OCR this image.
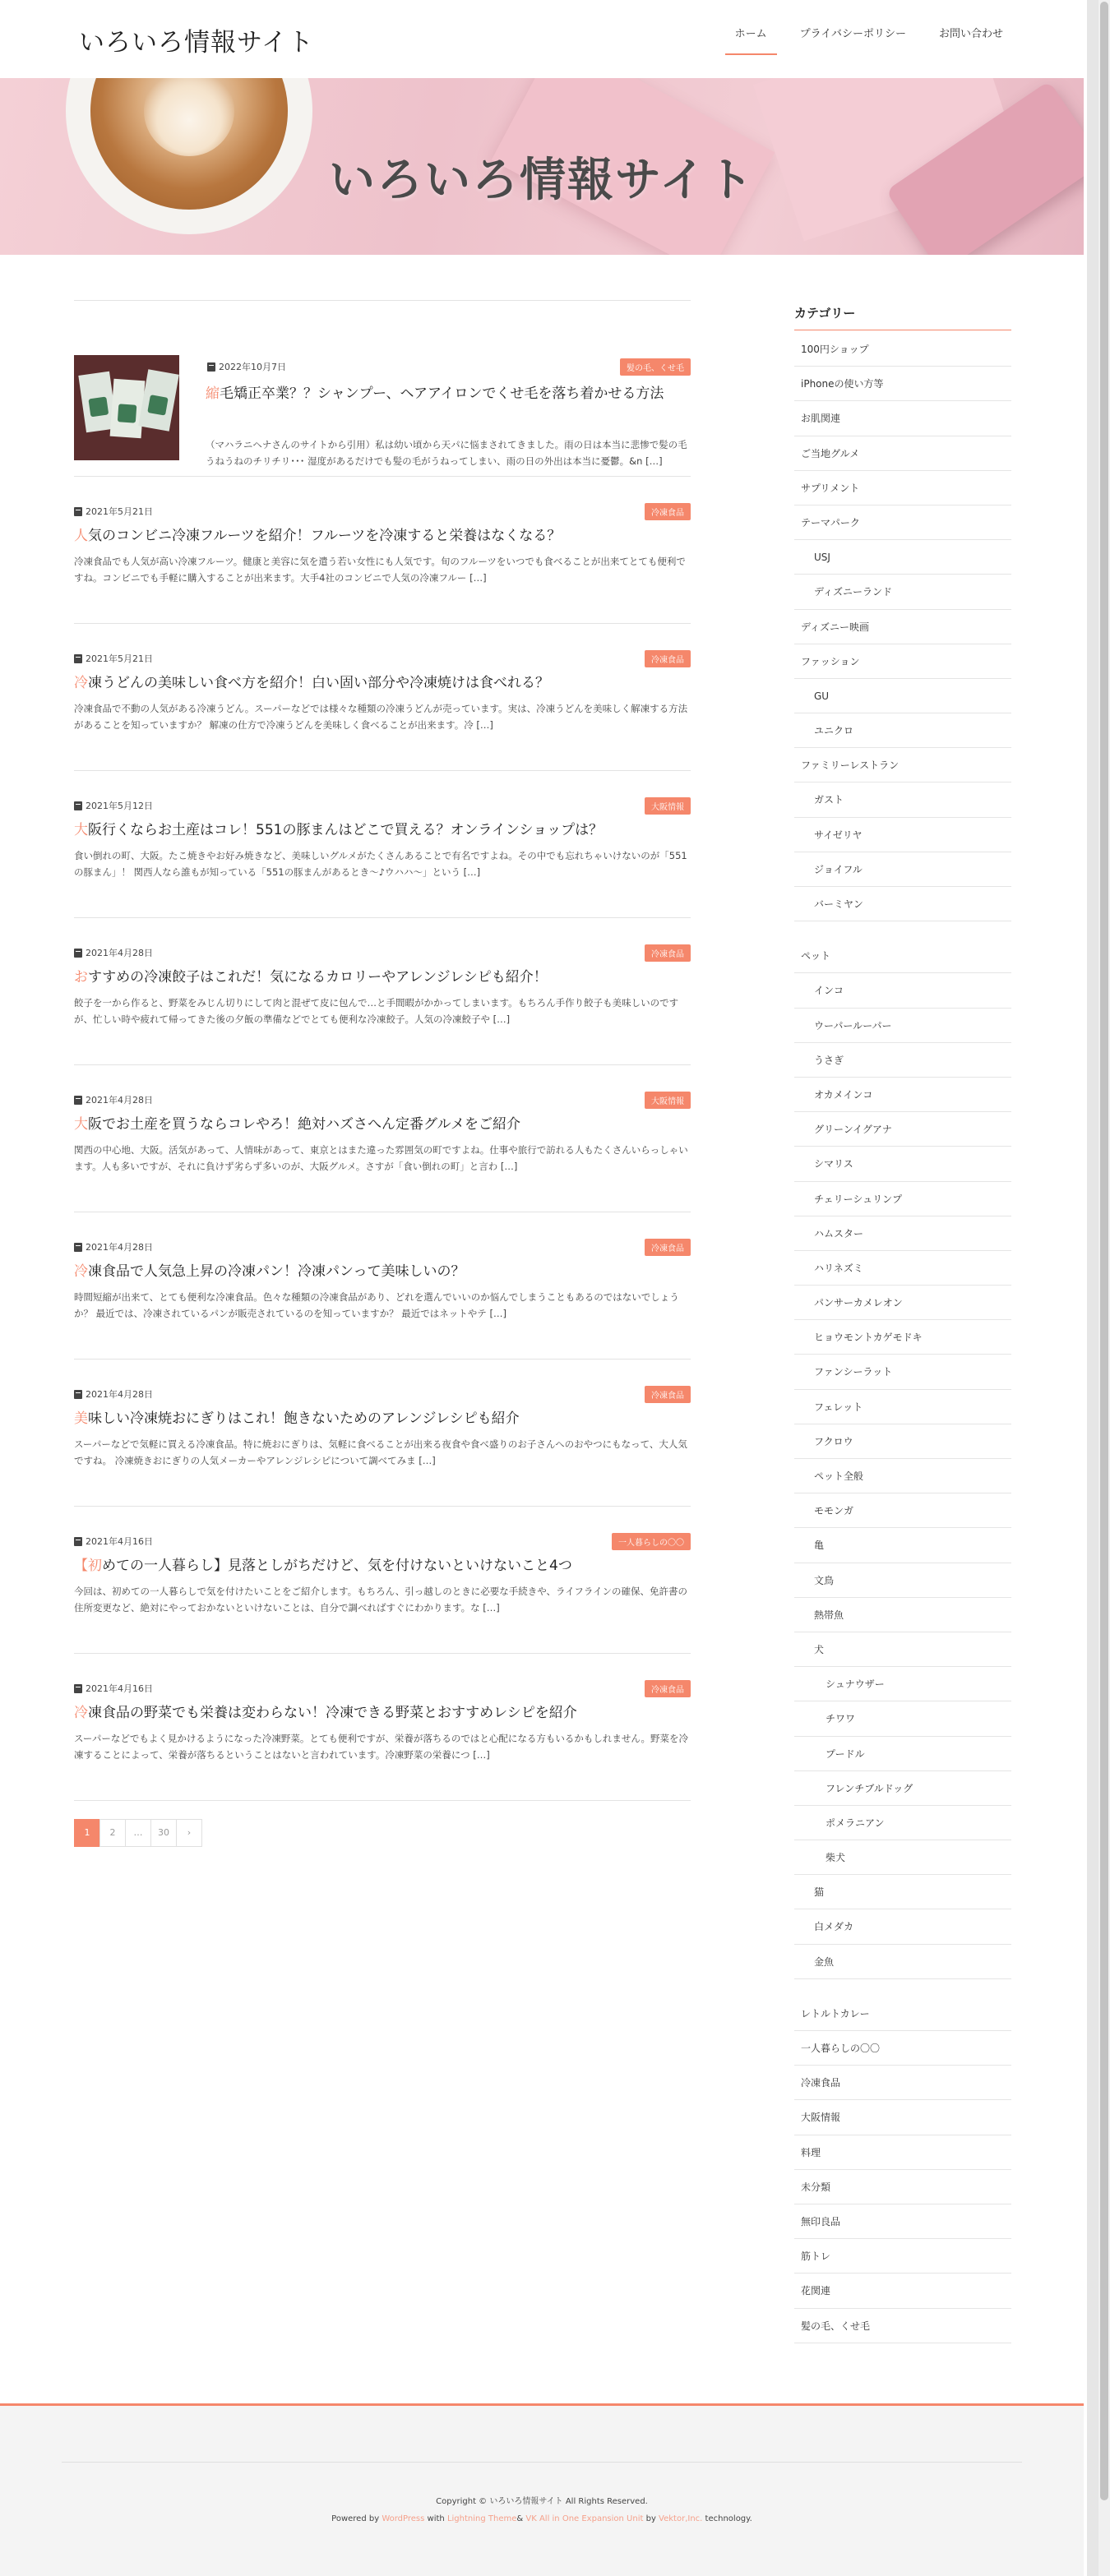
いろいろ情報サイト	ホーム	プライバシーポリシー	お問い合わせ
いろいろ情報サイト
2022年10月7日	髪の毛、くせ毛
縮毛矯正卒業？？シャンプー、ヘアアイロンでくせ毛を落ち着かせる方法

（マハラニヘナさんのサイトから引用）私は幼い頃から天パに悩まされてきました。雨の日は本当に悲惨で髪の毛うねうねのチリチリ･･･ 湿度があるだけでも髪の毛がうねってしまい、雨の日の外出は本当に憂鬱。&n […]

2021年5月21日	冷凍食品
人気のコンビニ冷凍フルーツを紹介！フルーツを冷凍すると栄養はなくなる？

冷凍食品でも人気が高い冷凍フルーツ。健康と美容に気を遣う若い女性にも人気です。旬のフルーツをいつでも食べることが出来てとても便利ですね。コンビニでも手軽に購入することが出来ます。大手4社のコンビニで人気の冷凍フルー […]

2021年5月21日	冷凍食品
冷凍うどんの美味しい食べ方を紹介！白い固い部分や冷凍焼けは食べれる？

冷凍食品で不動の人気がある冷凍うどん。スーパーなどでは様々な種類の冷凍うどんが売っています。実は、冷凍うどんを美味しく解凍する方法があることを知っていますか？ 解凍の仕方で冷凍うどんを美味しく食べることが出来ます。冷 […]

2021年5月12日	大阪情報
大阪行くならお土産はコレ！551の豚まんはどこで買える？オンラインショップは？

食い倒れの町、大阪。たこ焼きやお好み焼きなど、美味しいグルメがたくさんあることで有名ですよね。その中でも忘れちゃいけないのが「551の豚まん」！ 関西人なら誰もが知っている「551の豚まんがあるとき～♪ウハハ～」という […]

2021年4月28日	冷凍食品
おすすめの冷凍餃子はこれだ！気になるカロリーやアレンジレシピも紹介！

餃子を一から作ると、野菜をみじん切りにして肉と混ぜて皮に包んで…と手間暇がかかってしまいます。もちろん手作り餃子も美味しいのですが、忙しい時や疲れて帰ってきた後の夕飯の準備などでとても便利な冷凍餃子。人気の冷凍餃子や […]

2021年4月28日	大阪情報
大阪でお土産を買うならコレやろ！絶対ハズさへん定番グルメをご紹介

関西の中心地、大阪。活気があって、人情味があって、東京とはまた違った雰囲気の町ですよね。仕事や旅行で訪れる人もたくさんいらっしゃいます。人も多いですが、それに負けず劣らず多いのが、大阪グルメ。さすが「食い倒れの町」と言わ […]

2021年4月28日	冷凍食品
冷凍食品で人気急上昇の冷凍パン！冷凍パンって美味しいの？

時間短縮が出来て、とても便利な冷凍食品。色々な種類の冷凍食品があり、どれを選んでいいのか悩んでしまうこともあるのではないでしょうか？ 最近では、冷凍されているパンが販売されているのを知っていますか？ 最近ではネットやテ […]

2021年4月28日	冷凍食品
美味しい冷凍焼おにぎりはこれ！飽きないためのアレンジレシピも紹介

スーパーなどで気軽に買える冷凍食品。特に焼おにぎりは、気軽に食べることが出来る夜食や食べ盛りのお子さんへのおやつにもなって、大人気ですね。 冷凍焼きおにぎりの人気メーカーやアレンジレシピについて調べてみま […]

2021年4月16日	一人暮らしの〇〇
【初めての一人暮らし】見落としがちだけど、気を付けないといけないこと4つ

今回は、初めての一人暮らしで気を付けたいことをご紹介します。もちろん、引っ越しのときに必要な手続きや、ライフラインの確保、免許書の住所変更など、絶対にやっておかないといけないことは、自分で調べればすぐにわかります。な […]

2021年4月16日	冷凍食品
冷凍食品の野菜でも栄養は変わらない！冷凍できる野菜とおすすめレシピを紹介

スーパーなどでもよく見かけるようになった冷凍野菜。とても便利ですが、栄養が落ちるのではと心配になる方もいるかもしれません。野菜を冷凍することによって、栄養が落ちるということはないと言われています。冷凍野菜の栄養につ […]

1	2	…	30	›
カテゴリー
100円ショップ
iPhoneの使い方等
お肌関連
ご当地グルメ
サプリメント
テーマパーク
USJ
ディズニーランド
ディズニー映画
ファッション
GU
ユニクロ
ファミリーレストラン
ガスト
サイゼリヤ
ジョイフル
バーミヤン
ペット
インコ
ウーパールーパー
うさぎ
オカメインコ
グリーンイグアナ
シマリス
チェリーシュリンプ
ハムスター
ハリネズミ
パンサーカメレオン
ヒョウモントカゲモドキ
ファンシーラット
フェレット
フクロウ
ペット全般
モモンガ
亀
文鳥
熱帯魚
犬
シュナウザー
チワワ
プードル
フレンチブルドッグ
ポメラニアン
柴犬
猫
白メダカ
金魚
レトルトカレー
一人暮らしの〇〇
冷凍食品
大阪情報
料理
未分類
無印良品
筋トレ
花関連
髪の毛、くせ毛
Copyright © いろいろ情報サイト All Rights Reserved.
Powered by WordPress with Lightning Theme& VK All in One Expansion Unit by Vektor,Inc. technology.
